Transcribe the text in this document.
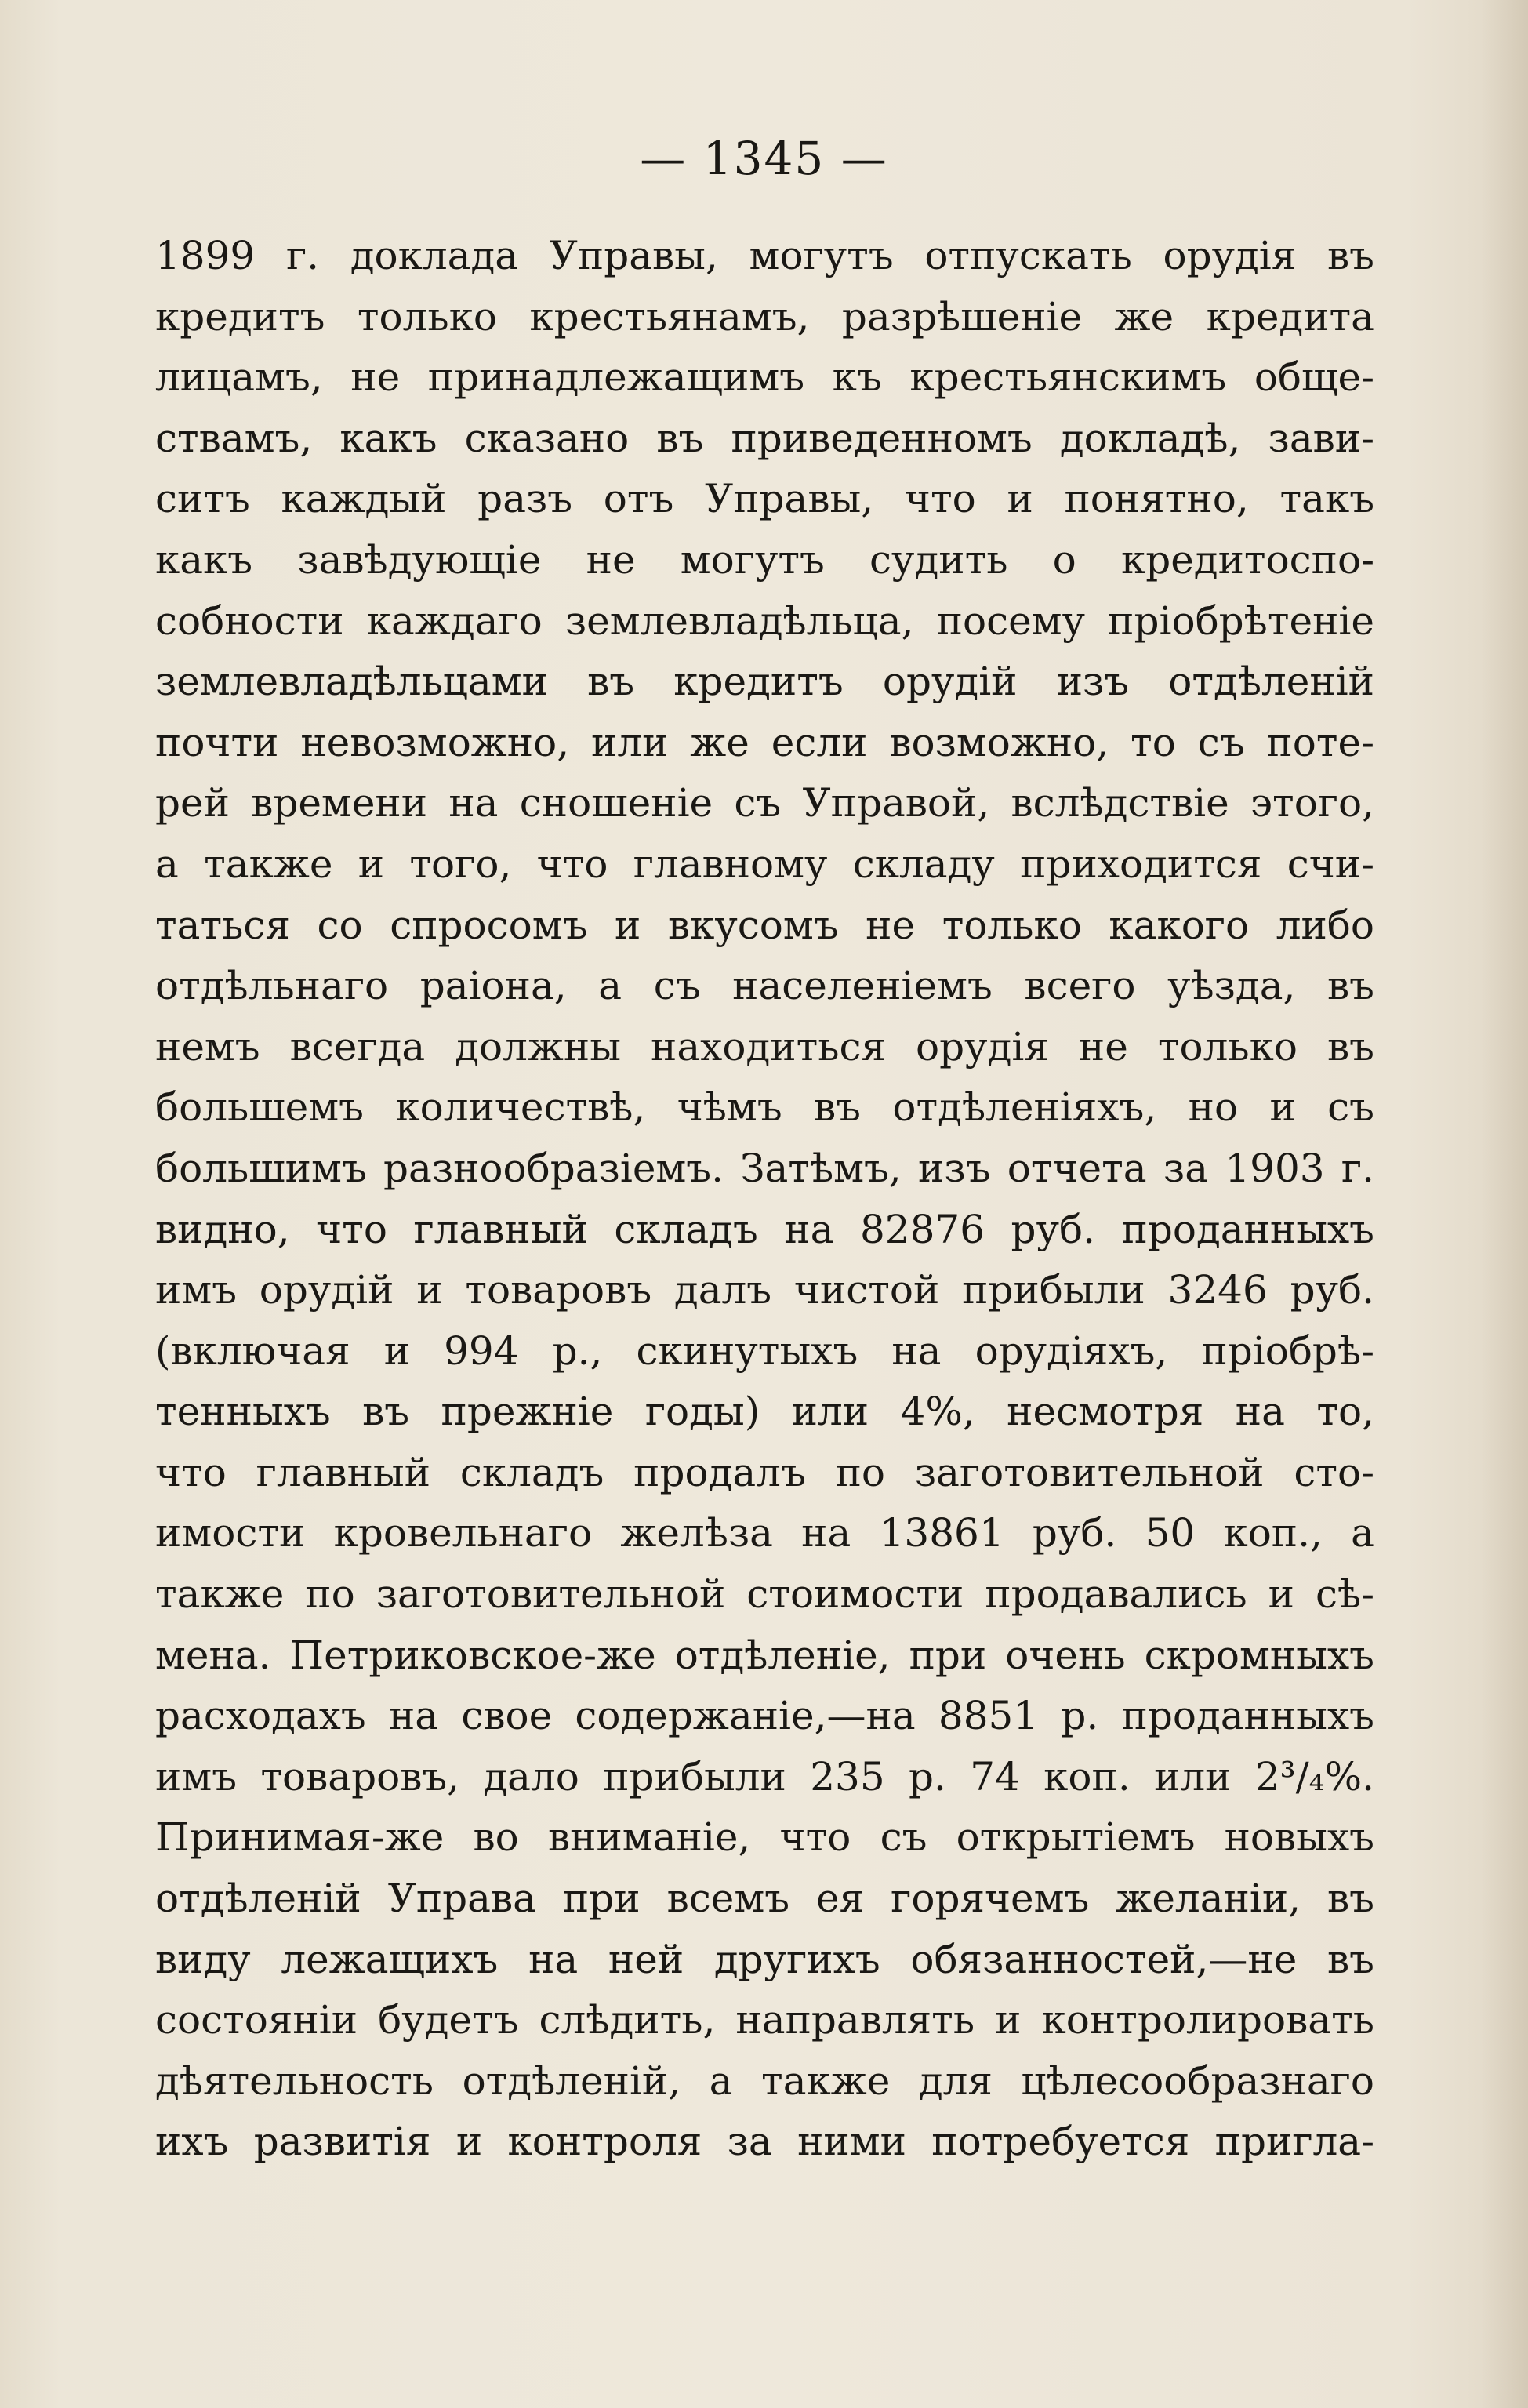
— 1345 —
1899 г. доклада Управы, могутъ отпускать орудія въ
кредитъ только крестьянамъ, разрѣшеніе же кредита
лицамъ, не принадлежащимъ къ крестьянскимъ обще-
ствамъ, какъ сказано въ приведенномъ докладѣ, зави-
ситъ каждый разъ отъ Управы, что и понятно, такъ
какъ завѣдующіе не могутъ судить о кредитоспо-
собности каждаго землевладѣльца, посему пріобрѣтеніе
землевладѣльцами въ кредитъ орудій изъ отдѣленій
почти невозможно, или же если возможно, то съ поте-
рей времени на сношеніе съ Управой, вслѣдствіе этого,
а также и того, что главному складу приходится счи-
таться со спросомъ и вкусомъ не только какого либо
отдѣльнаго раіона, а съ населеніемъ всего уѣзда, въ
немъ всегда должны находиться орудія не только въ
большемъ количествѣ, чѣмъ въ отдѣленіяхъ, но и съ
большимъ разнообразіемъ. Затѣмъ, изъ отчета за 1903 г.
видно, что главный складъ на 82876 руб. проданныхъ
имъ орудій и товаровъ далъ чистой прибыли 3246 руб.
(включая и 994 р., скинутыхъ на орудіяхъ, пріобрѣ-
тенныхъ въ прежніе годы) или 4%, несмотря на то,
что главный складъ продалъ по заготовительной сто-
имости кровельнаго желѣза на 13861 руб. 50 коп., а
также по заготовительной стоимости продавались и сѣ-
мена. Петриковское-же отдѣленіе, при очень скромныхъ
расходахъ на свое содержаніе,—на 8851 р. проданныхъ
имъ товаровъ, дало прибыли 235 р. 74 коп. или 2³/₄%.
Принимая-же во вниманіе, что съ открытіемъ новыхъ
отдѣленій Управа при всемъ ея горячемъ желаніи, въ
виду лежащихъ на ней другихъ обязанностей,—не въ
состояніи будетъ слѣдить, направлять и контролировать
дѣятельность отдѣленій, а также для цѣлесообразнаго
ихъ развитія и контроля за ними потребуется пригла-
